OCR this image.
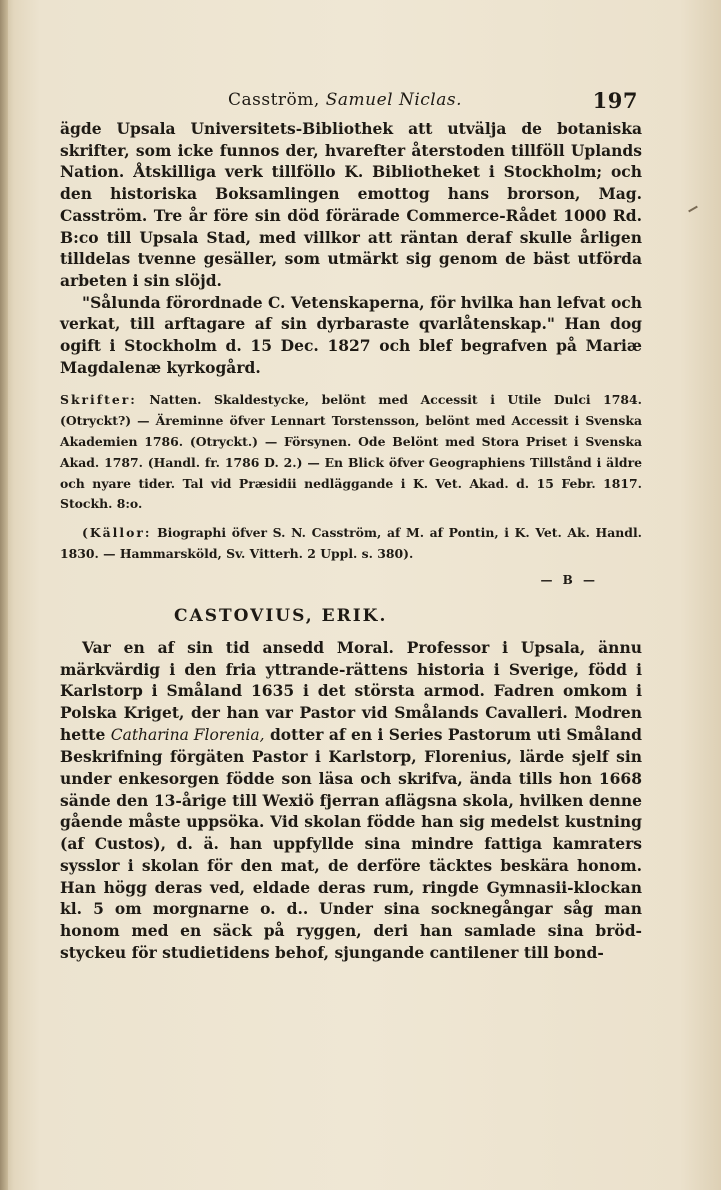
Casström, Samuel Niclas.	197

ägde Upsala Universitets-Bibliothek att utvälja de botaniska skrifter, som icke funnos der, hvarefter återstoden tillföll Uplands Nation. Åtskilliga verk tillföllo K. Bibliotheket i Stockholm; och den historiska Boksamlingen emottog hans brorson, Mag. Casström. Tre år före sin död förärade Commerce-Rådet 1000 Rd. B:co till Upsala Stad, med villkor att räntan deraf skulle årligen tilldelas tvenne gesäller, som utmärkt sig genom de bäst utförda arbeten i sin slöjd.

"Sålunda förordnade C. Vetenskaperna, för hvilka han lefvat och verkat, till arftagare af sin dyrbaraste qvarlåtenskap." Han dog ogift i Stockholm d. 15 Dec. 1827 och blef begrafven på Mariæ Magdalenæ kyrkogård.

Skrifter: Natten. Skaldestycke, belönt med Accessit i Utile Dulci 1784. (Otryckt?) — Äreminne öfver Lennart Torstensson, belönt med Accessit i Svenska Akademien 1786. (Otryckt.) — Försynen. Ode Belönt med Stora Priset i Svenska Akad. 1787. (Handl. fr. 1786 D. 2.) — En Blick öfver Geographiens Tillstånd i äldre och nyare tider. Tal vid Præsidii nedläggande i K. Vet. Akad. d. 15 Febr. 1817. Stockh. 8:o.

(Källor: Biographi öfver S. N. Casström, af M. af Pontin, i K. Vet. Ak. Handl. 1830. — Hammarsköld, Sv. Vitterh. 2 Uppl. s. 380).

— B —
CASTOVIUS, ERIK.

Var en af sin tid ansedd Moral. Professor i Upsala, ännu märkvärdig i den fria yttrande-rättens historia i Sverige, född i Karlstorp i Småland 1635 i det största armod. Fadren omkom i Polska Kriget, der han var Pastor vid Smålands Cavalleri. Modren hette Catharina Florenia, dotter af en i Series Pastorum uti Småland Beskrifning förgäten Pastor i Karlstorp, Florenius, lärde sjelf sin under enkesorgen födde son läsa och skrifva, ända tills hon 1668 sände den 13-årige till Wexiö fjerran aflägsna skola, hvilken denne gående måste uppsöka. Vid skolan födde han sig medelst kustning (af Custos), d. ä. han uppfyllde sina mindre fattiga kamraters sysslor i skolan för den mat, de derföre täcktes beskära honom. Han högg deras ved, eldade deras rum, ringde Gymnasii-klockan kl. 5 om morgnarne o. d.. Under sina socknegångar såg man honom med en säck på ryggen, deri han samlade sina bröd-styckeu för studietidens behof, sjungande cantilener till bond-
